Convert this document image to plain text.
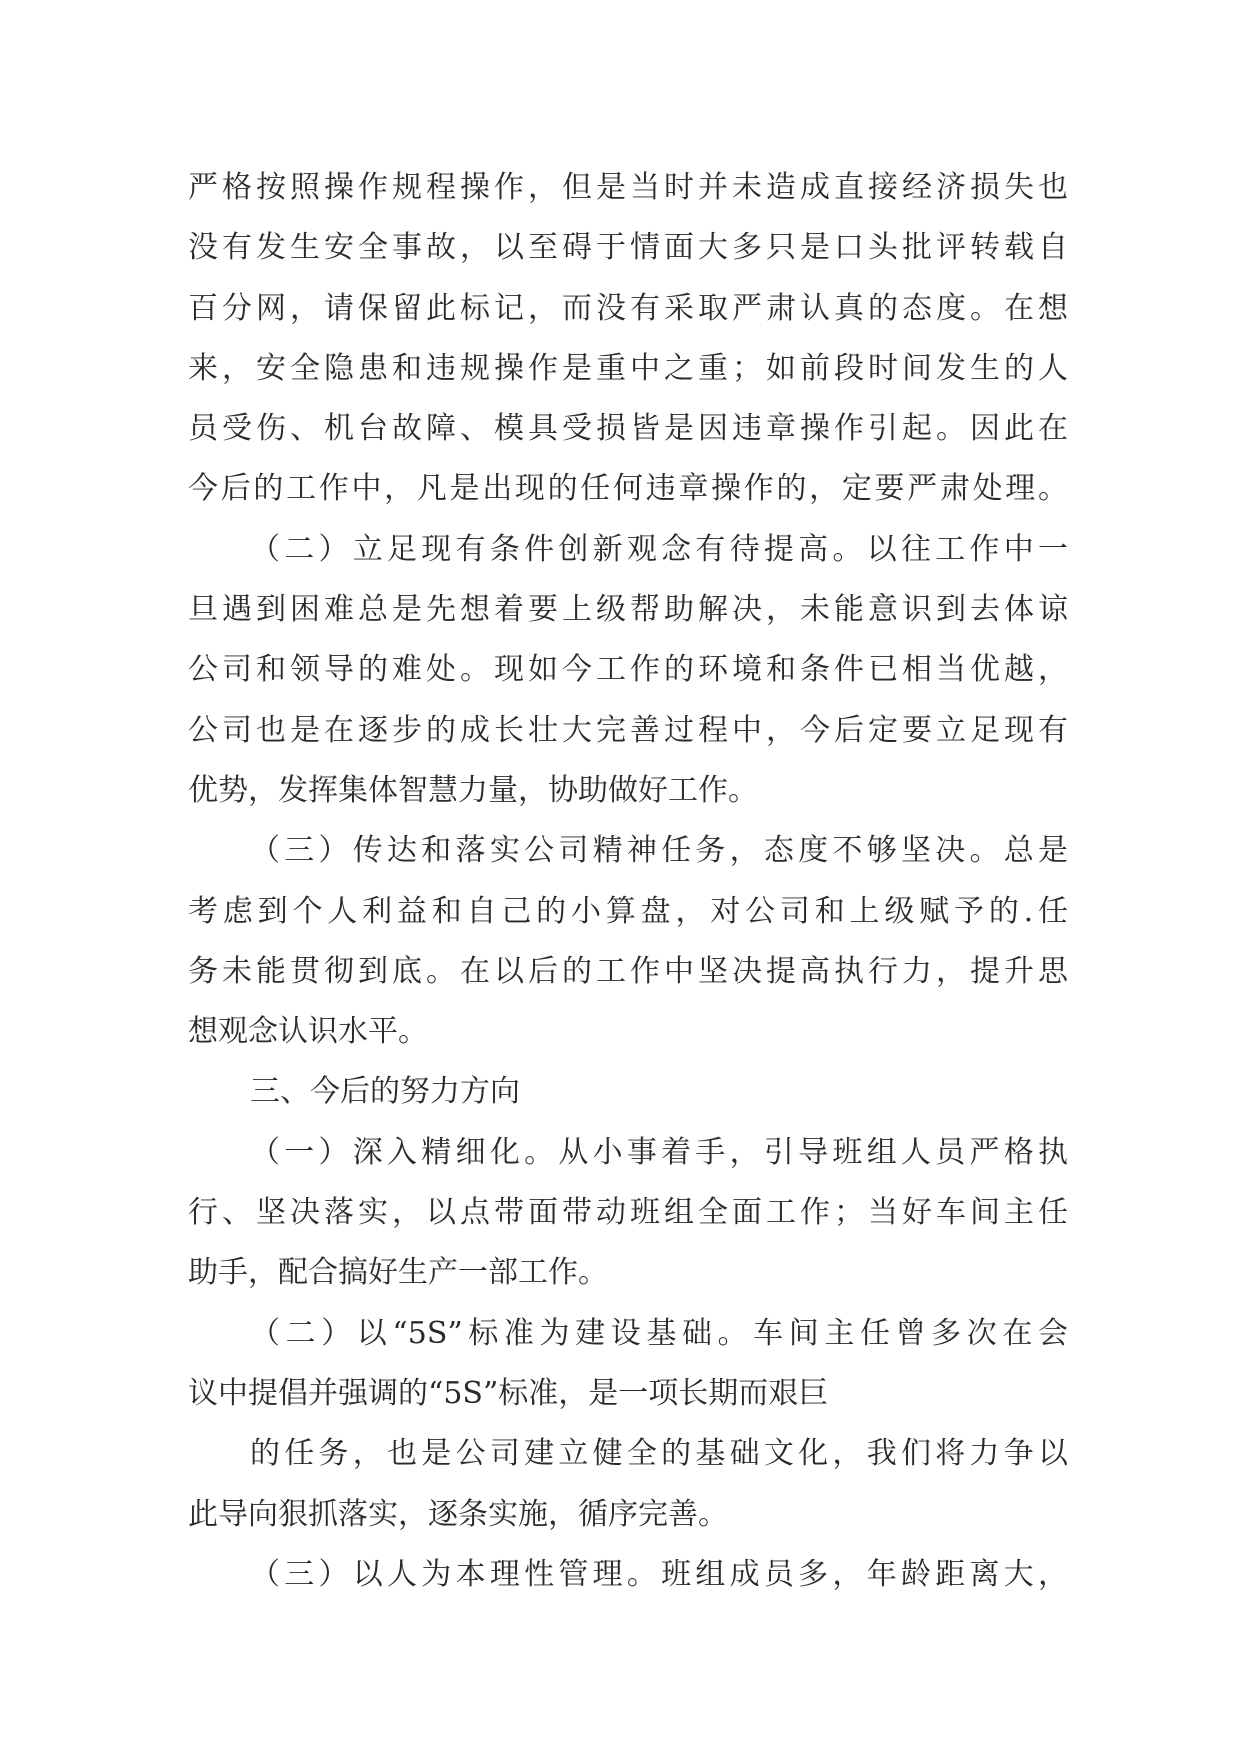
严格按照操作规程操作，但是当时并未造成直接经济损失也
没有发生安全事故，以至碍于情面大多只是口头批评转载自
百分网，请保留此标记，而没有采取严肃认真的态度。在想
来，安全隐患和违规操作是重中之重；如前段时间发生的人
员受伤、机台故障、模具受损皆是因违章操作引起。因此在
今后的工作中，凡是出现的任何违章操作的，定要严肃处理。
（二）立足现有条件创新观念有待提高。以往工作中一
旦遇到困难总是先想着要上级帮助解决，未能意识到去体谅
公司和领导的难处。现如今工作的环境和条件已相当优越，
公司也是在逐步的成长壮大完善过程中，今后定要立足现有
优势，发挥集体智慧力量，协助做好工作。
（三）传达和落实公司精神任务，态度不够坚决。总是
考虑到个人利益和自己的小算盘，对公司和上级赋予的.任
务未能贯彻到底。在以后的工作中坚决提高执行力，提升思
想观念认识水平。
三、今后的努力方向
（一）深入精细化。从小事着手，引导班组人员严格执
行、坚决落实，以点带面带动班组全面工作；当好车间主任
助手，配合搞好生产一部工作。
（二）以“5S”标准为建设基础。车间主任曾多次在会
议中提倡并强调的“5S”标准，是一项长期而艰巨
的任务，也是公司建立健全的基础文化，我们将力争以
此导向狠抓落实，逐条实施，循序完善。
（三）以人为本理性管理。班组成员多，年龄距离大，
